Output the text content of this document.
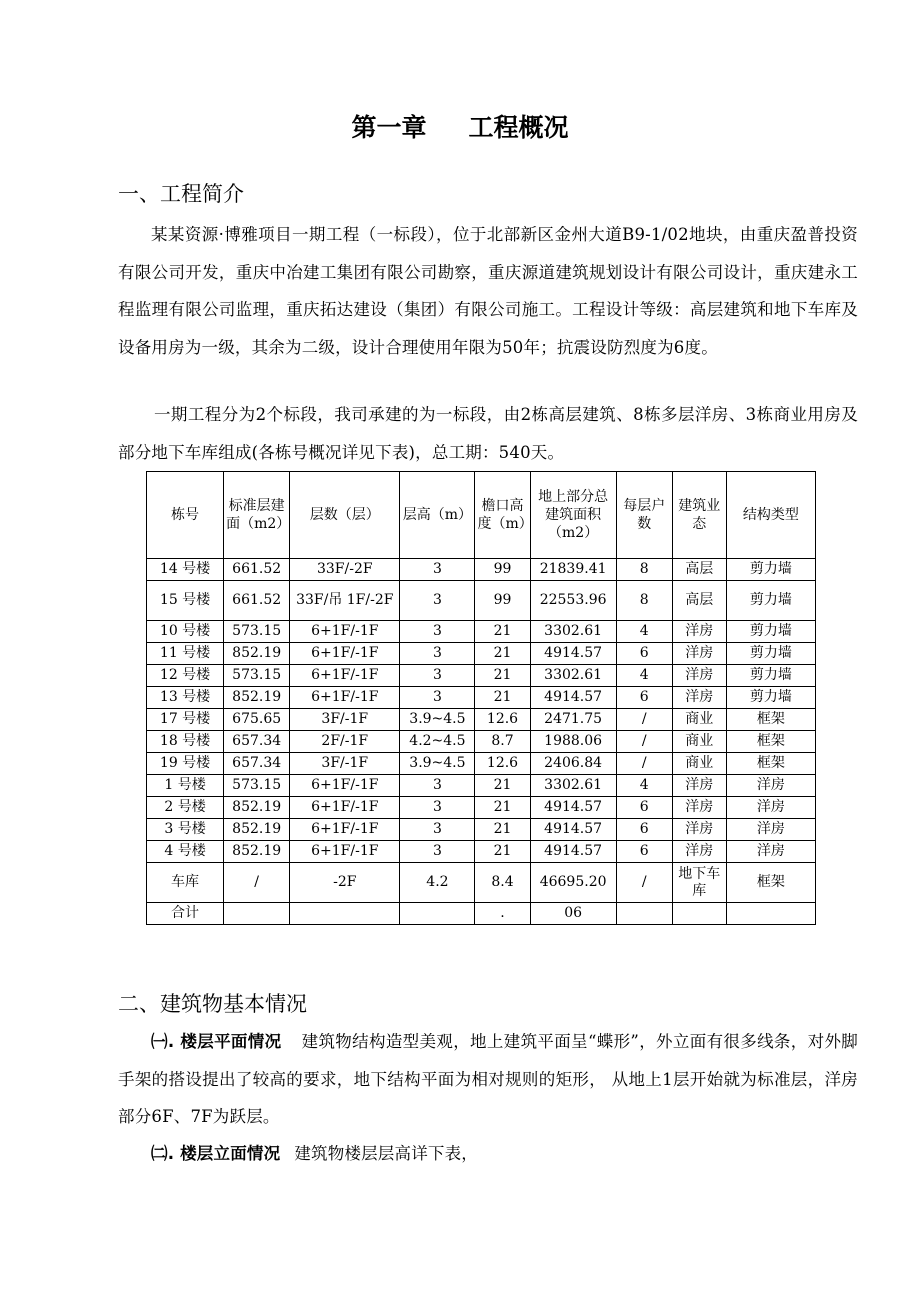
第一章 工程概况
一、工程简介

某某资源·博雅项目一期工程（一标段），位于北部新区金州大道B9-1/02地块，由重庆盈普投资有限公司开发，重庆中冶建工集团有限公司勘察，重庆源道建筑规划设计有限公司设计，重庆建永工程监理有限公司监理，重庆拓达建设（集团）有限公司施工。工程设计等级：高层建筑和地下车库及设备用房为一级，其余为二级，设计合理使用年限为50年；抗震设防烈度为6度。

一期工程分为2个标段，我司承建的为一标段，由2栋高层建筑、8栋多层洋房、3栋商业用房及部分地下车库组成(各栋号概况详见下表)，总工期：540天。

栋号	标准层建面（m2）	层数（层）	层高（m）	檐口高度（m）	地上部分总建筑面积（m2）	每层户数	建筑业态	结构类型
14 号楼	661.52	33F/-2F	3	99	21839.41	8	高层	剪力墙
15 号楼	661.52	33F/吊 1F/-2F	3	99	22553.96	8	高层	剪力墙
10 号楼	573.15	6+1F/-1F	3	21	3302.61	4	洋房	剪力墙
11 号楼	852.19	6+1F/-1F	3	21	4914.57	6	洋房	剪力墙
12 号楼	573.15	6+1F/-1F	3	21	3302.61	4	洋房	剪力墙
13 号楼	852.19	6+1F/-1F	3	21	4914.57	6	洋房	剪力墙
17 号楼	675.65	3F/-1F	3.9~4.5	12.6	2471.75	/	商业	框架
18 号楼	657.34	2F/-1F	4.2~4.5	8.7	1988.06	/	商业	框架
19 号楼	657.34	3F/-1F	3.9~4.5	12.6	2406.84	/	商业	框架
1 号楼	573.15	6+1F/-1F	3	21	3302.61	4	洋房	洋房
2 号楼	852.19	6+1F/-1F	3	21	4914.57	6	洋房	洋房
3 号楼	852.19	6+1F/-1F	3	21	4914.57	6	洋房	洋房
4 号楼	852.19	6+1F/-1F	3	21	4914.57	6	洋房	洋房
车库	/	-2F	4.2	8.4	46695.20	/	地下车库	框架
合计				.	06			
二、建筑物基本情况

㈠. 楼层平面情况 建筑物结构造型美观，地上建筑平面呈“蝶形”，外立面有很多线条，对外脚手架的搭设提出了较高的要求，地下结构平面为相对规则的矩形， 从地上1层开始就为标准层，洋房部分6F、7F为跃层。

㈡. 楼层立面情况 建筑物楼层层高详下表，
